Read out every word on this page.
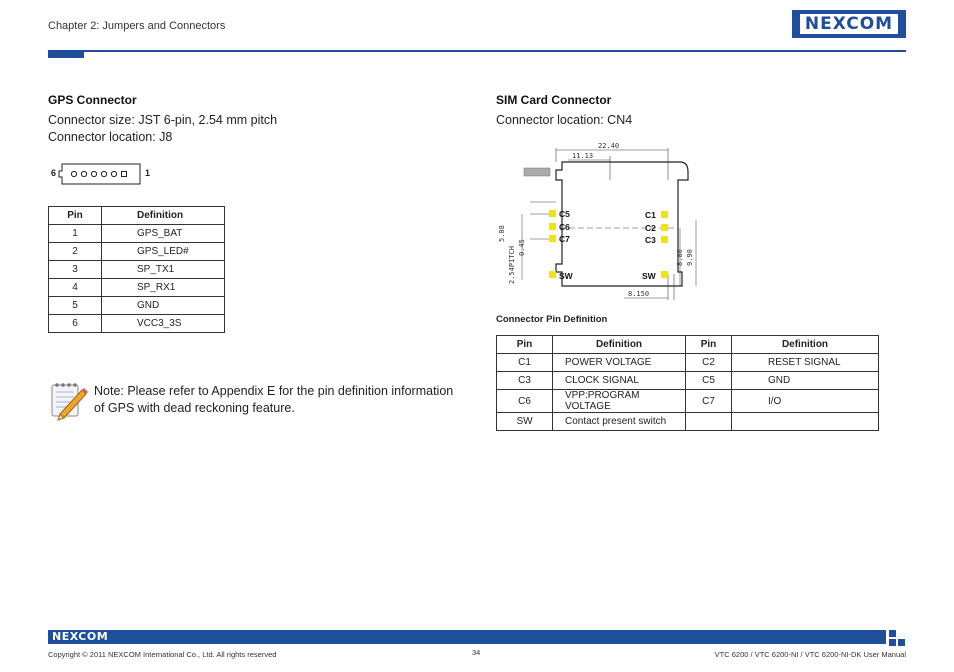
Chapter 2: Jumpers and Connectors	NEXCOM
GPS Connector
Connector size: JST 6-pin, 2.54 mm pitch
Connector location: J8
6	1
Pin	Definition
1	GPS_BAT
2	GPS_LED#
3	SP_TX1
4	SP_RX1
5	GND
6	VCC3_3S
Note: Please refer to Appendix E for the pin definition information of GPS with dead reckoning feature.
SIM Card Connector
Connector location: CN4
22.40
11.13
5.08
0.45
2.54PITCH	8.00 9.90
8.150
C5
C6
C7
SW
C1
C2
C3
SW
Connector Pin Definition
Pin	Definition	Pin	Definition
C1	POWER VOLTAGE	C2	RESET SIGNAL
C3	CLOCK SIGNAL	C5	GND
C6	VPP:PROGRAM VOLTAGE	C7	I/O
SW	Contact present switch		
NEXCOM
Copyright © 2011 NEXCOM International Co., Ltd. All rights reserved	34	VTC 6200 / VTC 6200-NI / VTC 6200-NI-DK User Manual
